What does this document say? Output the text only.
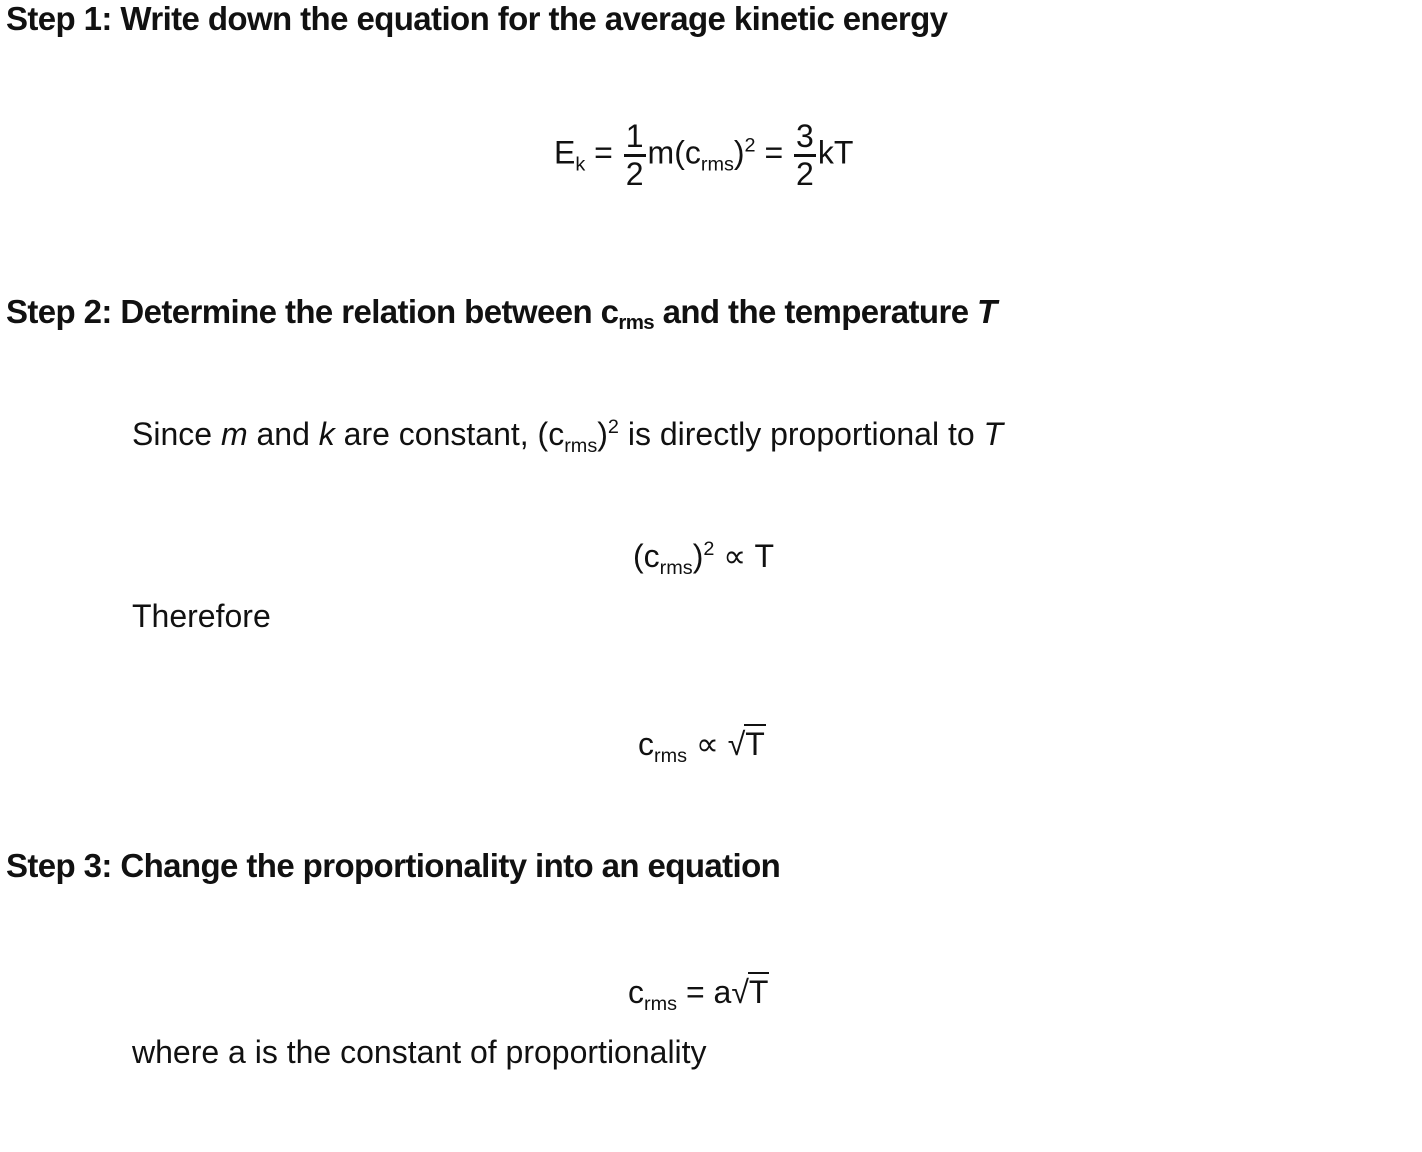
Step 1: Write down the equation for the average kinetic energy
$E_k = \frac{1}{2} m(c_{rms})^2 = \frac{3}{2}$ kT
Step 2: Determine the relation between $c_{rms}$ and the temperature T
Since m and k are constant, $(c_{rms})^2$ is directly proportional to T
$(c_{rms})^2 \propto T$
Therefore
$c_{rms} \propto √T$
Step 3: Change the proportionality into an equation
$c_{rms} = a√T$
where a is the constant of proportionality
